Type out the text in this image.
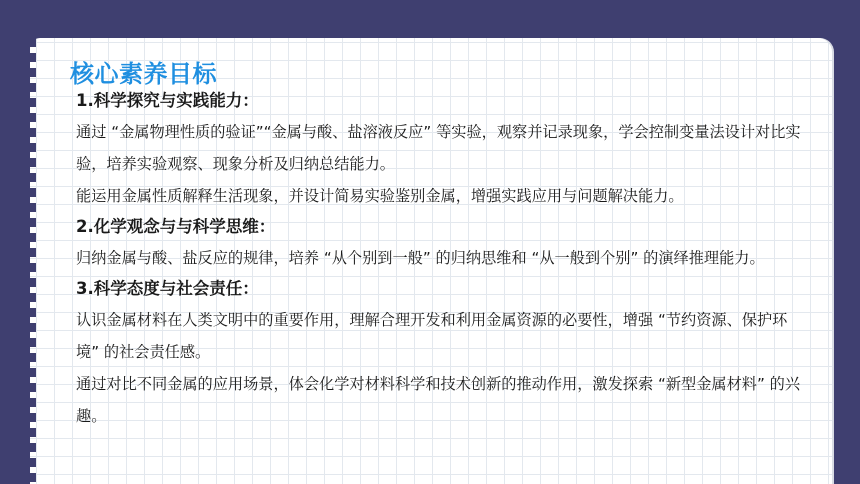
核心素养目标

1.科学探究与实践能力：

通过 “金属物理性质的验证”“金属与酸、盐溶液反应” 等实验，观察并记录现象，学会控制变量法设计对比实验，培养实验观察、现象分析及归纳总结能力。

能运用金属性质解释生活现象，并设计简易实验鉴别金属，增强实践应用与问题解决能力。

2.化学观念与与科学思维：

归纳金属与酸、盐反应的规律，培养 “从个别到一般” 的归纳思维和 “从一般到个别” 的演绎推理能力。

3.科学态度与社会责任：

认识金属材料在人类文明中的重要作用，理解合理开发和利用金属资源的必要性，增强 “节约资源、保护环境” 的社会责任感。

通过对比不同金属的应用场景，体会化学对材料科学和技术创新的推动作用，激发探索 “新型金属材料” 的兴趣。
